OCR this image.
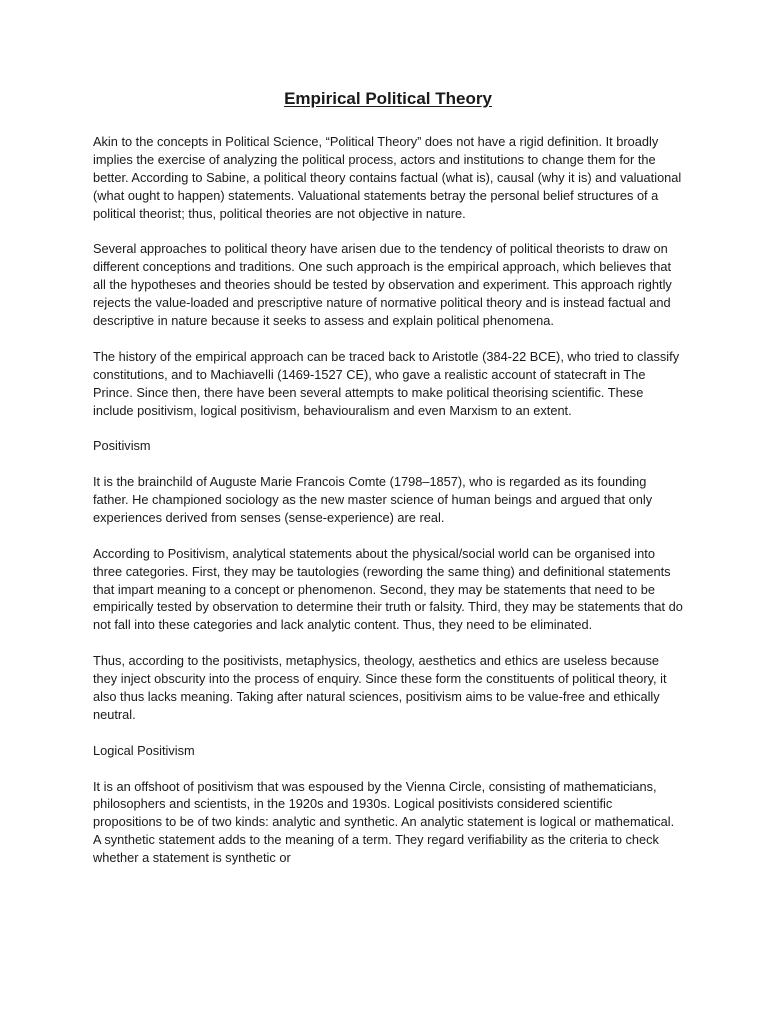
Empirical Political Theory

Akin to the concepts in Political Science, “Political Theory” does not have a rigid definition. It broadly implies the exercise of analyzing the political process, actors and institutions to change them for the better. According to Sabine, a political theory contains factual (what is), causal (why it is) and valuational (what ought to happen) statements. Valuational statements betray the personal belief structures of a political theorist; thus, political theories are not objective in nature.

Several approaches to political theory have arisen due to the tendency of political theorists to draw on different conceptions and traditions. One such approach is the empirical approach, which believes that all the hypotheses and theories should be tested by observation and experiment. This approach rightly rejects the value-loaded and prescriptive nature of normative political theory and is instead factual and descriptive in nature because it seeks to assess and explain political phenomena.

The history of the empirical approach can be traced back to Aristotle (384-22 BCE), who tried to classify constitutions, and to Machiavelli (1469-1527 CE), who gave a realistic account of statecraft in The Prince. Since then, there have been several attempts to make political theorising scientific. These include positivism, logical positivism, behaviouralism and even Marxism to an extent.

Positivism

It is the brainchild of Auguste Marie Francois Comte (1798–1857), who is regarded as its founding father. He championed sociology as the new master science of human beings and argued that only experiences derived from senses (sense-experience) are real.

According to Positivism, analytical statements about the physical/social world can be organised into three categories. First, they may be tautologies (rewording the same thing) and definitional statements that impart meaning to a concept or phenomenon. Second, they may be statements that need to be empirically tested by observation to determine their truth or falsity. Third, they may be statements that do not fall into these categories and lack analytic content. Thus, they need to be eliminated.

Thus, according to the positivists, metaphysics, theology, aesthetics and ethics are useless because they inject obscurity into the process of enquiry. Since these form the constituents of political theory, it also thus lacks meaning. Taking after natural sciences, positivism aims to be value-free and ethically neutral.

Logical Positivism

It is an offshoot of positivism that was espoused by the Vienna Circle, consisting of mathematicians, philosophers and scientists, in the 1920s and 1930s. Logical positivists considered scientific propositions to be of two kinds: analytic and synthetic. An analytic statement is logical or mathematical. A synthetic statement adds to the meaning of a term. They regard verifiability as the criteria to check whether a statement is synthetic or
